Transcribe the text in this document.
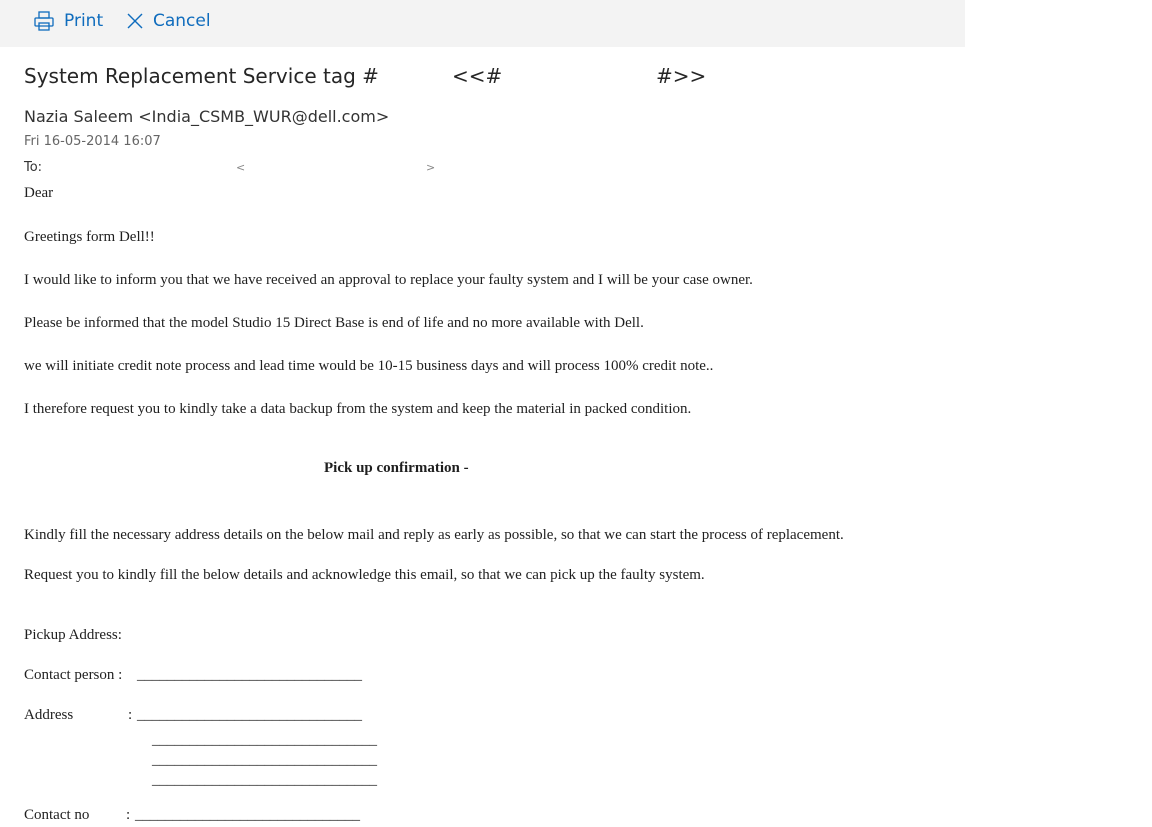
Print	Cancel
System Replacement Service tag #	<<#	#>>
Nazia Saleem <India_CSMB_WUR@dell.com>
Fri 16-05-2014 16:07
To:	<	>
Dear
Greetings form Dell!!
I would like to inform you that we have received an approval to replace your faulty system and I will be your case owner.
Please be informed that the model Studio 15 Direct Base is end of life and no more available with Dell.
we will initiate credit note process and lead time would be 10-15 business days and will process 100% credit note..
I therefore request you to kindly take a data backup from the system and keep the material in packed condition.
Pick up confirmation -
Kindly fill the necessary address details on the below mail and reply as early as possible, so that we can start the process of replacement.
Request you to kindly fill the below details and acknowledge this email, so that we can pick up the faulty system.
Pickup Address:
Contact person : ______________________________
Address	: ______________________________
______________________________
______________________________
______________________________
Contact no : ______________________________
